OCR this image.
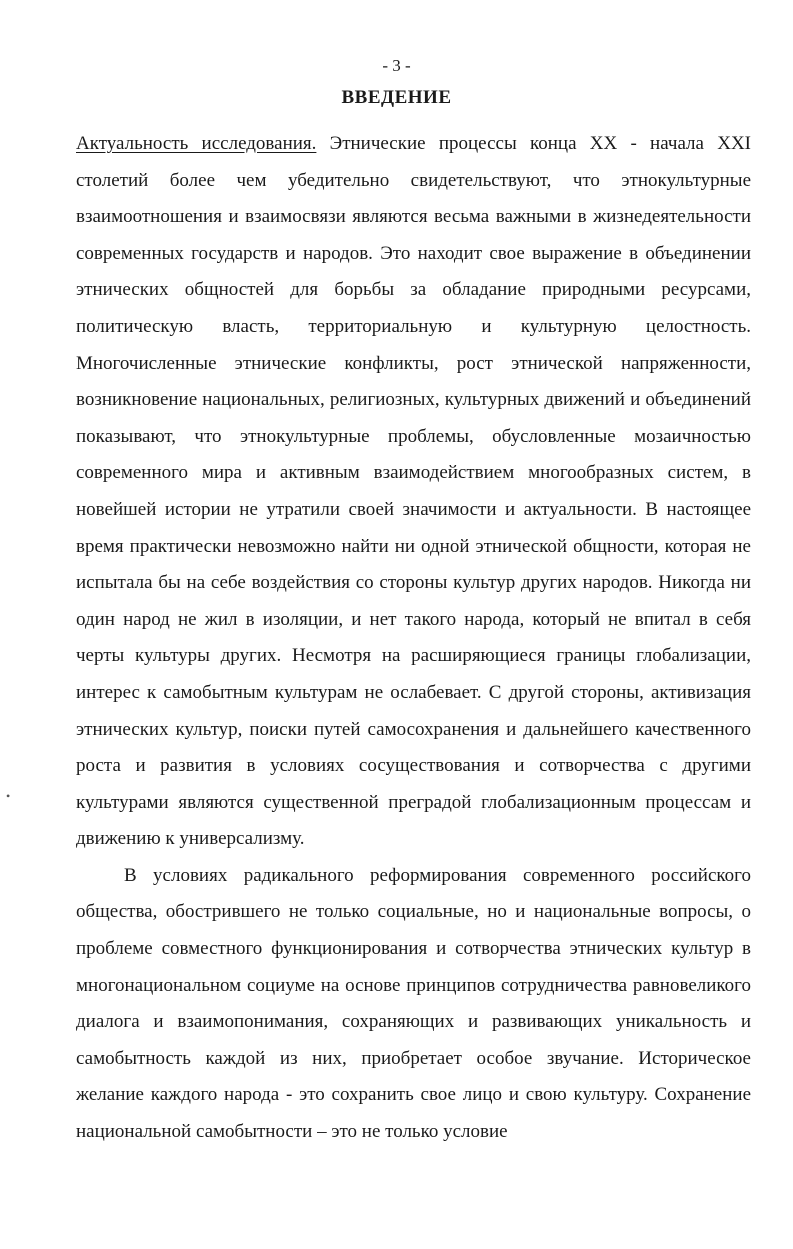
- 3 -
ВВЕДЕНИЕ

Актуальность исследования. Этнические процессы конца XX - начала XXI столетий более чем убедительно свидетельствуют, что этнокультурные взаимоотношения и взаимосвязи являются весьма важными в жизнедеятельности современных государств и народов. Это находит свое выражение в объединении этнических общностей для борьбы за обладание природными ресурсами, политическую власть, территориальную и культурную целостность. Многочисленные этнические конфликты, рост этнической напряженности, возникновение национальных, религиозных, культурных движений и объединений показывают, что этнокультурные проблемы, обусловленные мозаичностью современного мира и активным взаимодействием многообразных систем, в новейшей истории не утратили своей значимости и актуальности. В настоящее время практически невозможно найти ни одной этнической общности, которая не испытала бы на себе воздействия со стороны культур других народов. Никогда ни один народ не жил в изоляции, и нет такого народа, который не впитал в себя черты культуры других. Несмотря на расширяющиеся границы глобализации, интерес к самобытным культурам не ослабевает. С другой стороны, активизация этнических культур, поиски путей самосохранения и дальнейшего качественного роста и развития в условиях сосуществования и сотворчества с другими культурами являются существенной преградой глобализационным процессам и движению к универсализму.

В условиях радикального реформирования современного российского общества, обострившего не только социальные, но и национальные вопросы, о проблеме совместного функционирования и сотворчества этнических культур в многонациональном социуме на основе принципов сотрудничества равновеликого диалога и взаимопонимания, сохраняющих и развивающих уникальность и самобытность каждой из них, приобретает особое звучание. Историческое желание каждого народа - это сохранить свое лицо и свою культуру. Сохранение национальной самобытности – это не только условие

•
